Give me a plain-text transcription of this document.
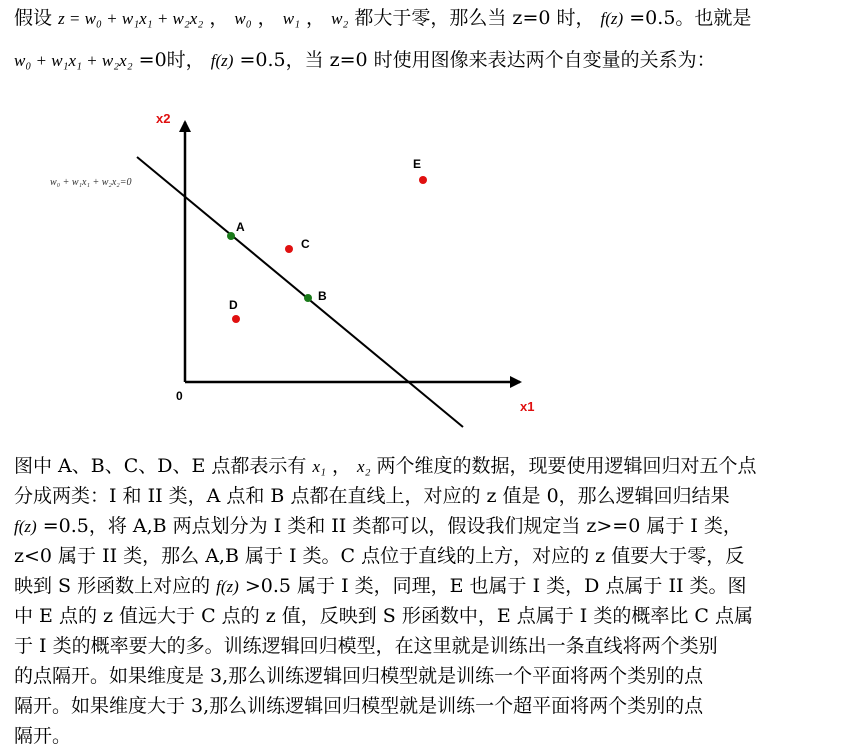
假设 z = w₀ + w₁x₁ + w₂x₂ ， w₀ ， w₁ ， w₂ 都大于零，那么当 z=0 时， f(z) =0.5。也就是
w₀ + w₁x₁ + w₂x₂ =0时， f(z) =0.5，当 z=0 时使用图像来表达两个自变量的关系为：
x2
x1
0
w₀ + w₁x₁ + w₂x₂=0
A
B
C
D
E
图中 A、B、C、D、E 点都表示有 x₁ ， x₂ 两个维度的数据，现要使用逻辑回归对五个点
分成两类：I 和 II 类，A 点和 B 点都在直线上，对应的 z 值是 0，那么逻辑回归结果
f(z) =0.5，将 A,B 两点划分为 I 类和 II 类都可以，假设我们规定当 z>=0 属于 I 类，
z<0 属于 II 类，那么 A,B 属于 I 类。C 点位于直线的上方，对应的 z 值要大于零，反
映到 S 形函数上对应的 f(z) >0.5 属于 I 类，同理，E 也属于 I 类，D 点属于 II 类。图
中 E 点的 z 值远大于 C 点的 z 值，反映到 S 形函数中，E 点属于 I 类的概率比 C 点属
于 I 类的概率要大的多。训练逻辑回归模型，在这里就是训练出一条直线将两个类别
的点隔开。如果维度是 3,那么训练逻辑回归模型就是训练一个平面将两个类别的点
隔开。如果维度大于 3,那么训练逻辑回归模型就是训练一个超平面将两个类别的点
隔开。
